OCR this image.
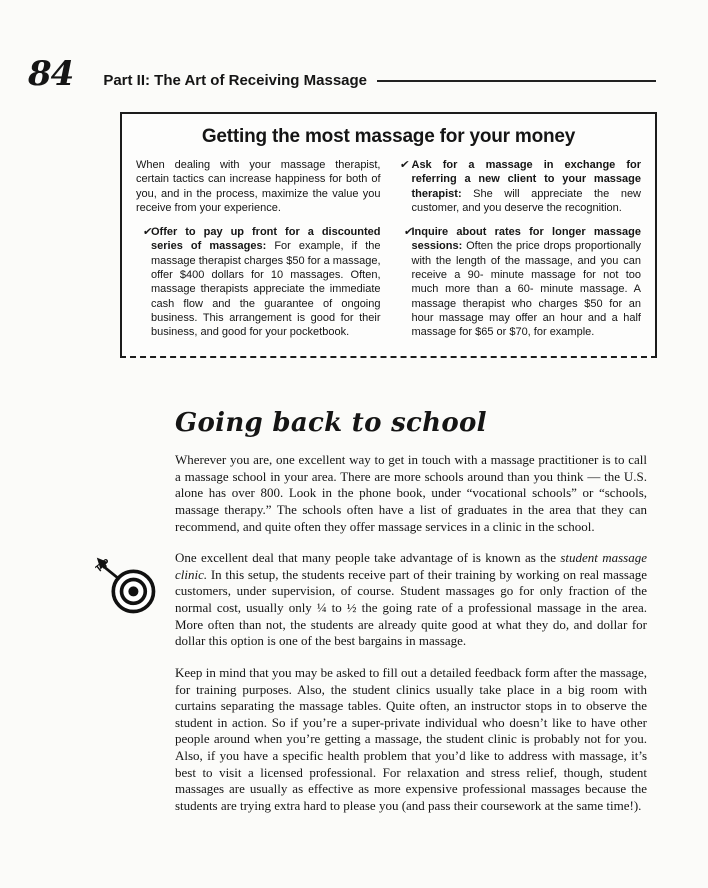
84 Part II: The Art of Receiving Massage
Getting the most massage for your money

When dealing with your massage therapist, certain tactics can increase happiness for both of you, and in the process, maximize the value you receive from your experience.

✔
Offer to pay up front for a discounted series of massages: For example, if the massage therapist charges $50 for a massage, offer $400 dollars for 10 massages. Often, massage therapists appreciate the immediate cash flow and the guarantee of ongoing business. This arrangement is good for their business, and good for your pocketbook.
✔ Ask for a massage in exchange for referring a new client to your massage therapist: She will appreciate the new customer, and you deserve the recognition.
✔
Inquire about rates for longer massage sessions: Often the price drops proportionally with the length of the massage, and you can receive a 90- minute massage for not too much more than a 60- minute massage. A massage therapist who charges $50 for an hour massage may offer an hour and a half massage for $65 or $70, for example.
Going back to school

Wherever you are, one excellent way to get in touch with a massage practitioner is to call a massage school in your area. There are more schools around than you think — the U.S. alone has over 800. Look in the phone book, under “vocational schools” or “schools, massage therapy.” The schools often have a list of graduates in the area that they can recommend, and quite often they offer massage services in a clinic in the school.

TIP	One excellent deal that many people take advantage of is known as the student massage clinic. In this setup, the students receive part of their training by working on real massage customers, under supervision, of course. Student massages go for only fraction of the normal cost, usually only ¼ to ½ the going rate of a professional massage in the area. More often than not, the students are already quite good at what they do, and dollar for dollar this option is one of the best bargains in massage.

Keep in mind that you may be asked to fill out a detailed feedback form after the massage, for training purposes. Also, the student clinics usually take place in a big room with curtains separating the massage tables. Quite often, an instructor stops in to observe the student in action. So if you’re a super-private individual who doesn’t like to have other people around when you’re getting a massage, the student clinic is probably not for you. Also, if you have a specific health problem that you’d like to address with massage, it’s best to visit a licensed professional. For relaxation and stress relief, though, student massages are usually as effective as more expensive professional massages because the students are trying extra hard to please you (and pass their coursework at the same time!).
